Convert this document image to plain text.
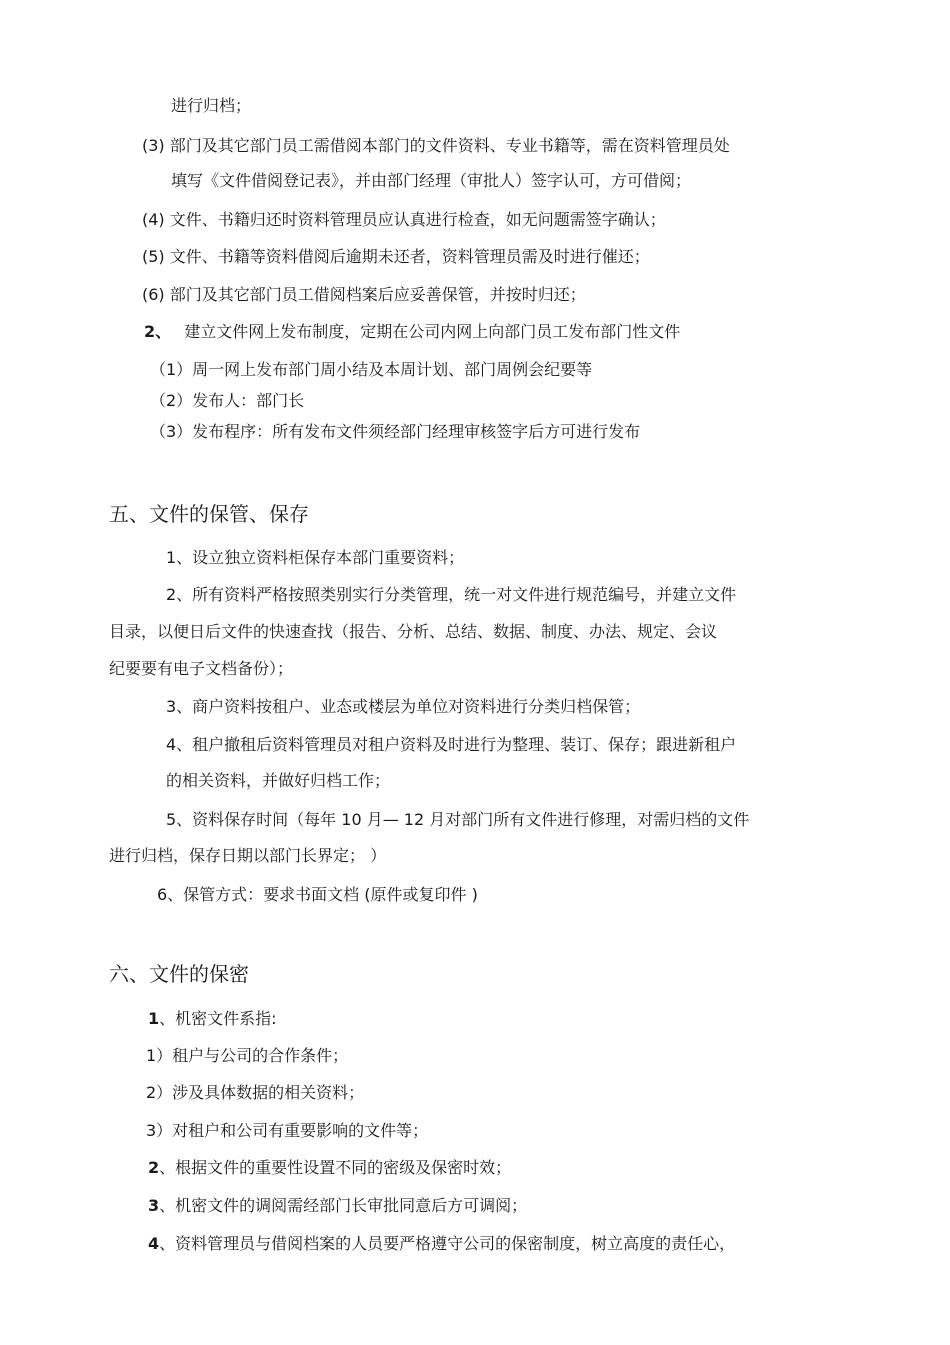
进行归档；
(3) 部门及其它部门员工需借阅本部门的文件资料、专业书籍等，需在资料管理员处
填写《文件借阅登记表》，并由部门经理（审批人）签字认可，方可借阅；
(4) 文件、书籍归还时资料管理员应认真进行检查，如无问题需签字确认；
(5) 文件、书籍等资料借阅后逾期未还者，资料管理员需及时进行催还；
(6) 部门及其它部门员工借阅档案后应妥善保管，并按时归还；
2、 建立文件网上发布制度，定期在公司内网上向部门员工发布部门性文件
（1）周一网上发布部门周小结及本周计划、部门周例会纪要等
（2）发布人：部门长
（3）发布程序：所有发布文件须经部门经理审核签字后方可进行发布
五、文件的保管、保存
1、设立独立资料柜保存本部门重要资料；
2、所有资料严格按照类别实行分类管理，统一对文件进行规范编号，并建立文件
目录，以便日后文件的快速查找（报告、分析、总结、数据、制度、办法、规定、会议
纪要要有电子文档备份）；
3、商户资料按租户、业态或楼层为单位对资料进行分类归档保管；
4、租户撤租后资料管理员对租户资料及时进行为整理、装订、保存；跟进新租户
的相关资料，并做好归档工作；
5、资料保存时间（每年 10 月— 12 月对部门所有文件进行修理，对需归档的文件
进行归档，保存日期以部门长界定； ）
6、保管方式：要求书面文档 (原件或复印件 )
六、文件的保密
1、机密文件系指:
1）租户与公司的合作条件；
2）涉及具体数据的相关资料；
3）对租户和公司有重要影响的文件等；
2、根据文件的重要性设置不同的密级及保密时效；
3、机密文件的调阅需经部门长审批同意后方可调阅；
4、资料管理员与借阅档案的人员要严格遵守公司的保密制度，树立高度的责任心，
